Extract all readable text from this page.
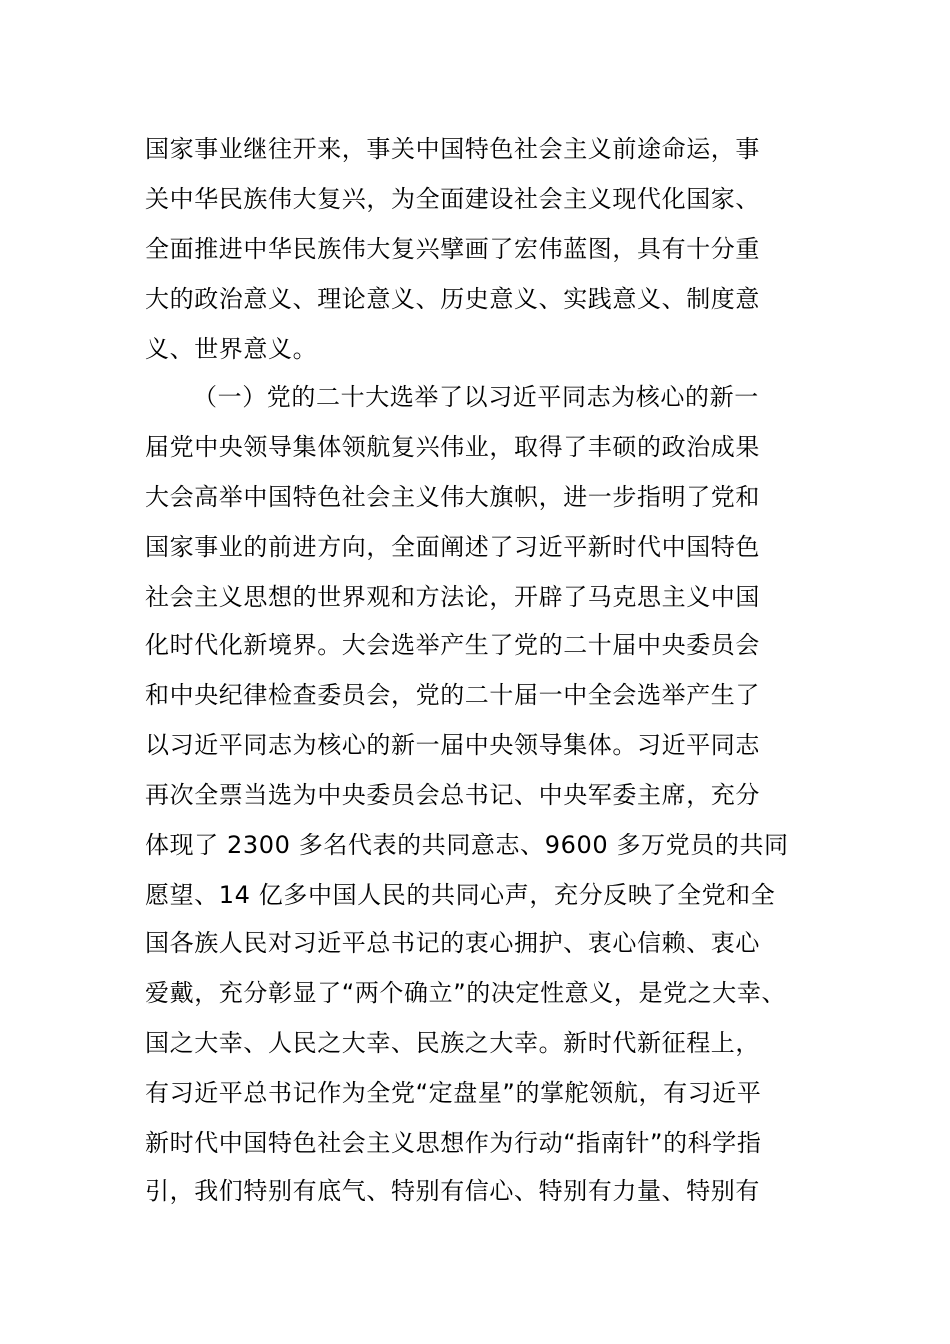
国家事业继往开来，事关中国特色社会主义前途命运，事
关中华民族伟大复兴，为全面建设社会主义现代化国家、
全面推进中华民族伟大复兴擘画了宏伟蓝图，具有十分重
大的政治意义、理论意义、历史意义、实践意义、制度意
义、世界意义。
（一）党的二十大选举了以习近平同志为核心的新一
届党中央领导集体领航复兴伟业，取得了丰硕的政治成果
大会高举中国特色社会主义伟大旗帜，进一步指明了党和
国家事业的前进方向，全面阐述了习近平新时代中国特色
社会主义思想的世界观和方法论，开辟了马克思主义中国
化时代化新境界。大会选举产生了党的二十届中央委员会
和中央纪律检查委员会，党的二十届一中全会选举产生了
以习近平同志为核心的新一届中央领导集体。习近平同志
再次全票当选为中央委员会总书记、中央军委主席，充分
体现了 2300 多名代表的共同意志、9600 多万党员的共同
愿望、14 亿多中国人民的共同心声，充分反映了全党和全
国各族人民对习近平总书记的衷心拥护、衷心信赖、衷心
爱戴，充分彰显了“两个确立”的决定性意义，是党之大幸、
国之大幸、人民之大幸、民族之大幸。新时代新征程上，
有习近平总书记作为全党“定盘星”的掌舵领航，有习近平
新时代中国特色社会主义思想作为行动“指南针”的科学指
引，我们特别有底气、特别有信心、特别有力量、特别有
